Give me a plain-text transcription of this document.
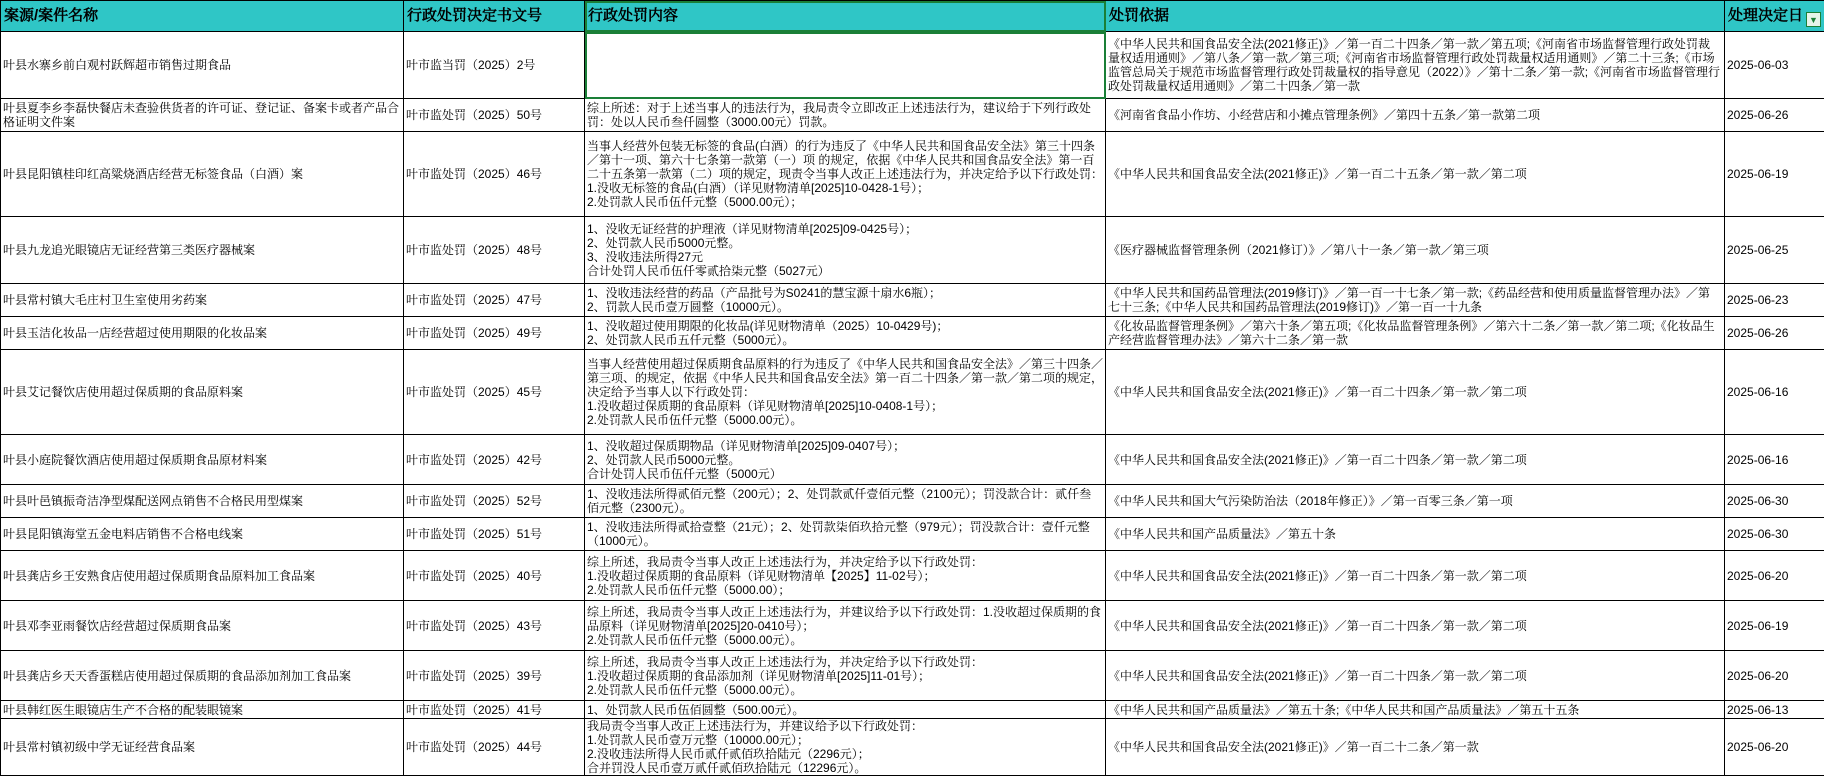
案源/案件名称	行政处罚决定书文号	行政处罚内容	处罚依据	处理决定日 ▼

叶县水寨乡前白观村跃辉超市销售过期食品	叶市监当罚（2025）2号		《中华人民共和国食品安全法(2021修正)》／第一百二十四条／第一款／第五项;《河南省市场监督管理行政处罚裁量权适用通则》／第八条／第一款／第三项;《河南省市场监督管理行政处罚裁量权适用通则》／第二十三条;《市场监管总局关于规范市场监督管理行政处罚裁量权的指导意见（2022）》／第十二条／第一款;《河南省市场监督管理行政处罚裁量权适用通则》／第二十四条／第一款	2025-06-03
叶县夏李乡李磊快餐店未查验供货者的许可证、登记证、备案卡或者产品合格证明文件案	叶市监处罚（2025）50号	综上所述：对于上述当事人的违法行为，我局责令立即改正上述违法行为，建议给于下列行政处罚：处以人民币叁仟圆整（3000.00元）罚款。	《河南省食品小作坊、小经营店和小摊点管理条例》／第四十五条／第一款第二项	2025-06-26
叶县昆阳镇桂印红高粱烧酒店经营无标签食品（白酒）案	叶市监处罚（2025）46号	当事人经营外包装无标签的食品(白酒）的行为违反了《中华人民共和国食品安全法》第三十四条／第十一项、第六十七条第一款第（一）项 的规定，依据《中华人民共和国食品安全法》第一百二十五条第一款第（二）项的规定，现责令当事人改正上述违法行为，并决定给予以下行政处罚：
1.没收无标签的食品(白酒）（详见财物清单[2025]10-0428-1号）；
2.处罚款人民币伍仟元整（5000.00元）；	《中华人民共和国食品安全法(2021修正)》／第一百二十五条／第一款／第二项	2025-06-19
叶县九龙追光眼镜店无证经营第三类医疗器械案	叶市监处罚（2025）48号	1、没收无证经营的护理液（详见财物清单[2025]09-0425号）；
2、处罚款人民币5000元整。
3、没收违法所得27元
合计处罚人民币伍仟零贰拾柒元整（5027元）	《医疗器械监督管理条例（2021修订）》／第八十一条／第一款／第三项	2025-06-25
叶县常村镇大毛庄村卫生室使用劣药案	叶市监处罚（2025）47号	1、没收违法经营的药品（产品批号为S0241的慧宝源十扇水6瓶）；
2、罚款人民币壹万圆整（10000元）。	《中华人民共和国药品管理法(2019修订)》／第一百一十七条／第一款;《药品经营和使用质量监督管理办法》／第七十三条;《中华人民共和国药品管理法(2019修订)》／第一百一十九条	2025-06-23
叶县玉洁化妆品一店经营超过使用期限的化妆品案	叶市监处罚（2025）49号	1、没收超过使用期限的化妆品(详见财物清单（2025）10-0429号)；
2、处罚款人民币五仟元整（5000元）。	《化妆品监督管理条例》／第六十条／第五项;《化妆品监督管理条例》／第六十二条／第一款／第二项;《化妆品生产经营监督管理办法》／第六十二条／第一款	2025-06-26
叶县艾记餐饮店使用超过保质期的食品原料案	叶市监处罚（2025）45号	当事人经营使用超过保质期食品原料的行为违反了《中华人民共和国食品安全法》／第三十四条／第三项、的规定，依据《中华人民共和国食品安全法》第一百二十四条／第一款／第二项的规定，决定给予当事人以下行政处罚：
1.没收超过保质期的食品原料（详见财物清单[2025]10-0408-1号）；
2.处罚款人民币伍仟元整（5000.00元）。	《中华人民共和国食品安全法(2021修正)》／第一百二十四条／第一款／第二项	2025-06-16
叶县小庭院餐饮酒店使用超过保质期食品原材料案	叶市监处罚（2025）42号	1、没收超过保质期物品（详见财物清单[2025]09-0407号）；
2、处罚款人民币5000元整。
合计处罚人民币伍仟元整（5000元）	《中华人民共和国食品安全法(2021修正)》／第一百二十四条／第一款／第二项	2025-06-16
叶县叶邑镇振奇洁净型煤配送网点销售不合格民用型煤案	叶市监处罚（2025）52号	1、没收违法所得贰佰元整（200元）；2、处罚款贰仟壹佰元整（2100元）；罚没款合计：贰仟叁佰元整（2300元）。	《中华人民共和国大气污染防治法（2018年修正）》／第一百零三条／第一项	2025-06-30
叶县昆阳镇海堂五金电料店销售不合格电线案	叶市监处罚（2025）51号	1、没收违法所得贰拾壹整（21元）；2、处罚款柒佰玖拾元整（979元）；罚没款合计：壹仟元整（1000元）。	《中华人民共和国产品质量法》／第五十条	2025-06-30
叶县龚店乡王安熟食店使用超过保质期食品原料加工食品案	叶市监处罚（2025）40号	综上所述，我局责令当事人改正上述违法行为，并决定给予以下行政处罚：
1.没收超过保质期的食品原料（详见财物清单【2025】11-02号）；
2.处罚款人民币伍仟元整（5000.00）；	《中华人民共和国食品安全法(2021修正)》／第一百二十四条／第一款／第二项	2025-06-20
叶县邓李亚雨餐饮店经营超过保质期食品案	叶市监处罚（2025）43号	综上所述，我局责令当事人改正上述违法行为，并建议给予以下行政处罚：1.没收超过保质期的食品原料（详见财物清单[2025]20-0410号）；
2.处罚款人民币伍仟元整（5000.00元）。	《中华人民共和国食品安全法(2021修正)》／第一百二十四条／第一款／第二项	2025-06-19
叶县龚店乡天天香蛋糕店使用超过保质期的食品添加剂加工食品案	叶市监处罚（2025）39号	综上所述，我局责令当事人改正上述违法行为，并决定给予以下行政处罚：
1.没收超过保质期的食品添加剂（详见财物清单[2025]11-01号）；
2.处罚款人民币伍仟元整（5000.00元）。	《中华人民共和国食品安全法(2021修正)》／第一百二十四条／第一款／第二项	2025-06-20
叶县韩红医生眼镜店生产不合格的配装眼镜案	叶市监处罚（2025）41号	1、处罚款人民币伍佰圆整（500.00元）。	《中华人民共和国产品质量法》／第五十条;《中华人民共和国产品质量法》／第五十五条	2025-06-13
叶县常村镇初级中学无证经营食品案	叶市监处罚（2025）44号	我局责令当事人改正上述违法行为，并建议给予以下行政处罚：
1.处罚款人民币壹万元整（10000.00元）；
2.没收违法所得人民币贰仟贰佰玖拾陆元（2296元）；
合并罚没人民币壹万贰仟贰佰玖拾陆元（12296元）。	《中华人民共和国食品安全法(2021修正)》／第一百二十二条／第一款	2025-06-20
